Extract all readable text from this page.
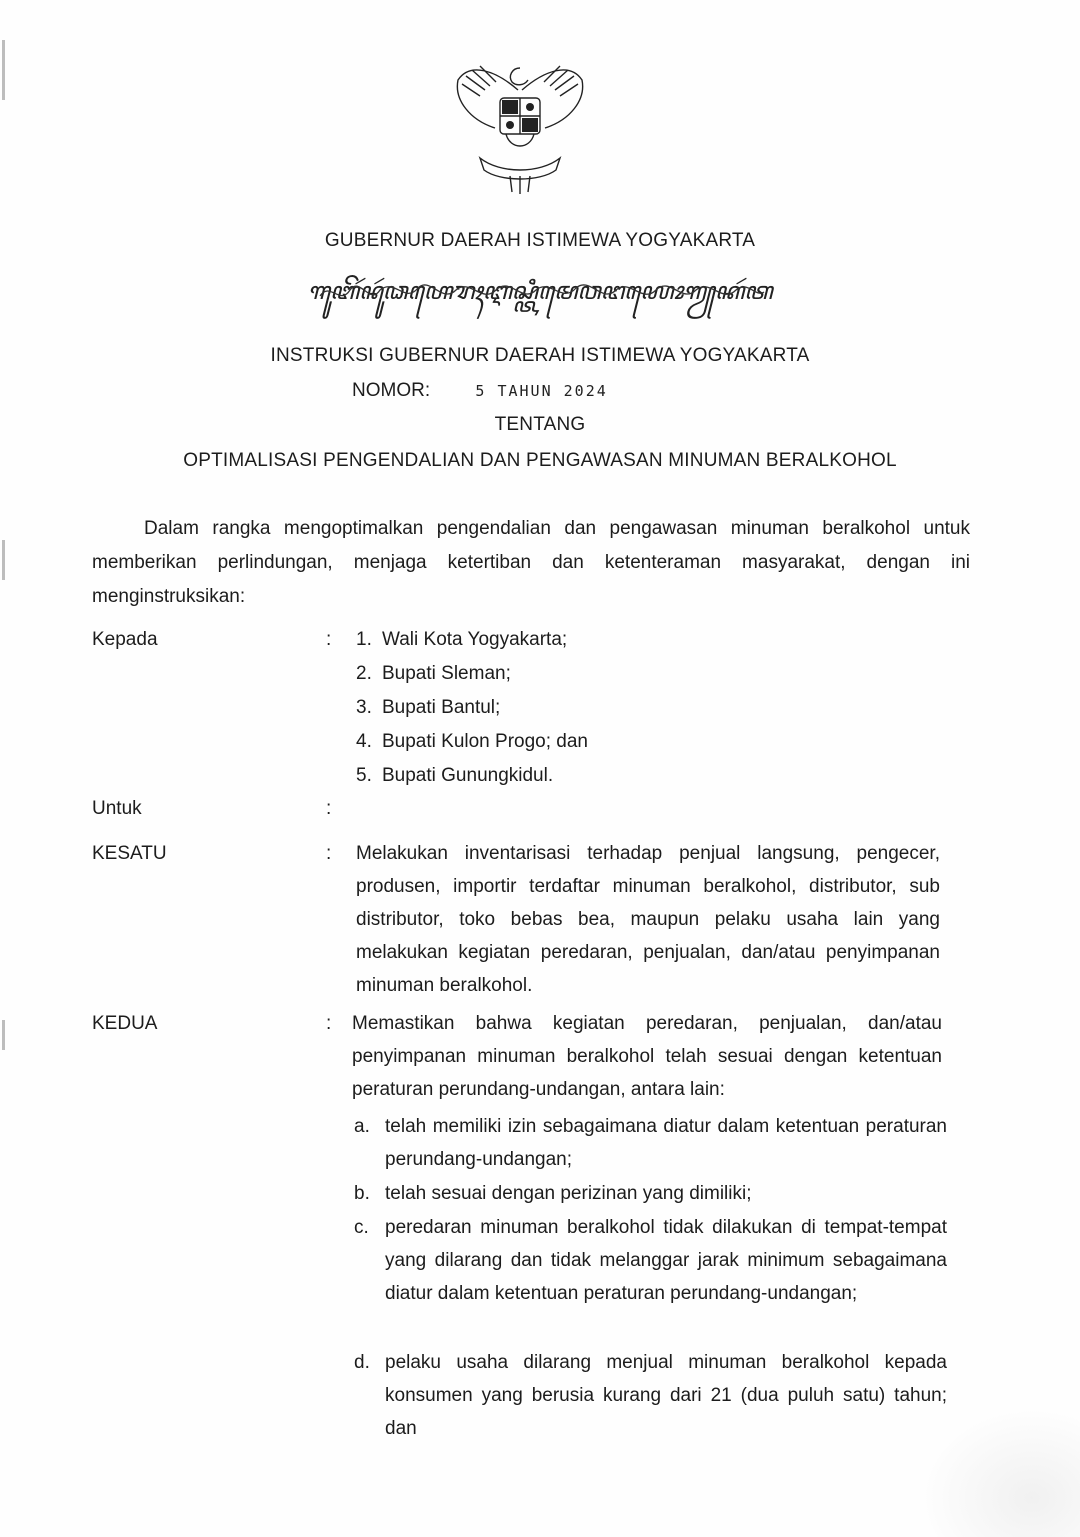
GUBERNUR DAERAH ISTIMEWA YOGYAKARTA
ꦒꦸꦧꦼꦂꦤꦸꦂꦣꦲꦺꦫꦃꦆꦱ꧀ꦠꦶꦩꦺꦮꦔꦪꦺꦴꦒꦾꦏꦂꦠ
INSTRUKSI GUBERNUR DAERAH ISTIMEWA YOGYAKARTA
NOMOR:	5 TAHUN 2024
TENTANG
OPTIMALISASI PENGENDALIAN DAN PENGAWASAN MINUMAN BERALKOHOL
Dalam rangka mengoptimalkan pengendalian dan pengawasan minuman beralkohol untuk memberikan perlindungan, menjaga ketertiban dan ketenteraman masyarakat, dengan ini menginstruksikan:
Kepada	: 1. Wali Kota Yogyakarta;
2. Bupati Sleman;
3. Bupati Bantul;
4. Bupati Kulon Progo; dan
5. Bupati Gunungkidul.
Untuk	:
KESATU	: Melakukan inventarisasi terhadap penjual langsung, pengecer, produsen, importir terdaftar minuman beralkohol, distributor, sub distributor, toko bebas bea, maupun pelaku usaha lain yang melakukan kegiatan peredaran, penjualan, dan/atau penyimpanan minuman beralkohol.
KEDUA	: Memastikan bahwa kegiatan peredaran, penjualan, dan/atau penyimpanan minuman beralkohol telah sesuai dengan ketentuan peraturan perundang-undangan, antara lain:
a. telah memiliki izin sebagaimana diatur dalam ketentuan peraturan perundang-undangan;
b. telah sesuai dengan perizinan yang dimiliki;
c. peredaran minuman beralkohol tidak dilakukan di tempat-tempat yang dilarang dan tidak melanggar jarak minimum sebagaimana diatur dalam ketentuan peraturan perundang-undangan;
d. pelaku usaha dilarang menjual minuman beralkohol kepada konsumen yang berusia kurang dari 21 (dua puluh satu) tahun; dan
